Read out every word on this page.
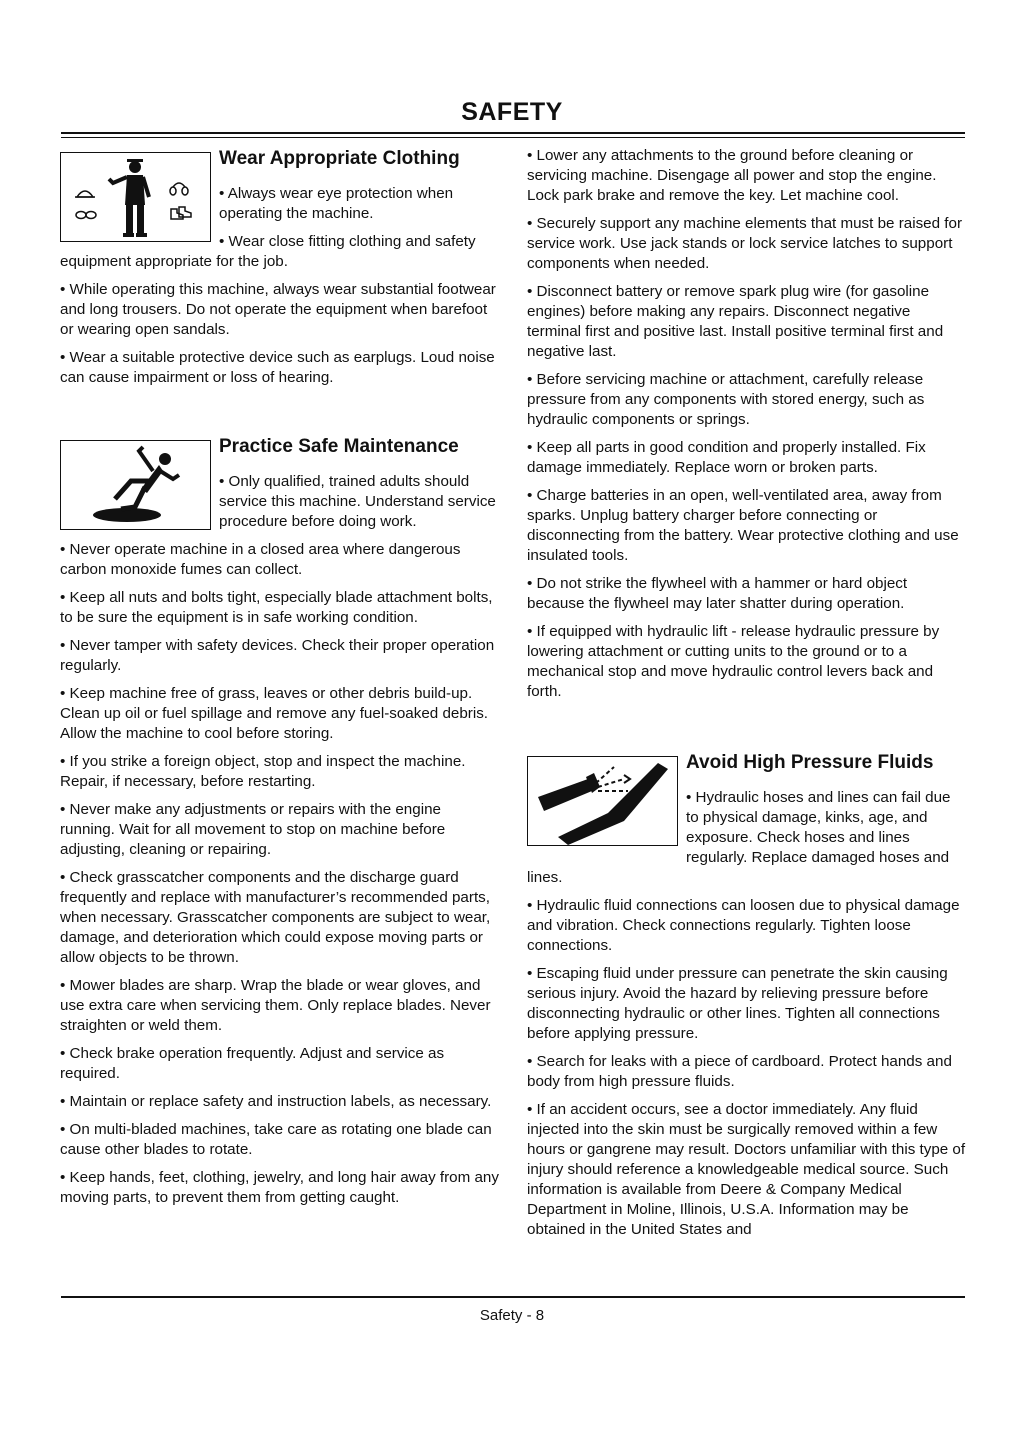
SAFETY
Wear Appropriate Clothing

• Always wear eye protection when operating the machine.

• Wear close fitting clothing and safety equipment appropriate for the job.

• While operating this machine, always wear substantial footwear and long trousers. Do not operate the equipment when barefoot or wearing open sandals.

• Wear a suitable protective device such as earplugs. Loud noise can cause impairment or loss of hearing.

Practice Safe Maintenance

• Only qualified, trained adults should service this machine. Understand service procedure before doing work.

• Never operate machine in a closed area where dangerous carbon monoxide fumes can collect.

• Keep all nuts and bolts tight, especially blade attachment bolts, to be sure the equipment is in safe working condition.

• Never tamper with safety devices. Check their proper operation regularly.

• Keep machine free of grass, leaves or other debris build-up. Clean up oil or fuel spillage and remove any fuel-soaked debris. Allow the machine to cool before storing.

• If you strike a foreign object, stop and inspect the machine. Repair, if necessary, before restarting.

• Never make any adjustments or repairs with the engine running. Wait for all movement to stop on machine before adjusting, cleaning or repairing.

• Check grasscatcher components and the discharge guard frequently and replace with manufacturer’s recommended parts, when necessary. Grasscatcher components are subject to wear, damage, and deterioration which could expose moving parts or allow objects to be thrown.

• Mower blades are sharp. Wrap the blade or wear gloves, and use extra care when servicing them. Only replace blades. Never straighten or weld them.

• Check brake operation frequently. Adjust and service as required.

• Maintain or replace safety and instruction labels, as necessary.

• On multi-bladed machines, take care as rotating one blade can cause other blades to rotate.

• Keep hands, feet, clothing, jewelry, and long hair away from any moving parts, to prevent them from getting caught.

• Lower any attachments to the ground before cleaning or servicing machine. Disengage all power and stop the engine. Lock park brake and remove the key. Let machine cool.

• Securely support any machine elements that must be raised for service work. Use jack stands or lock service latches to support components when needed.

• Disconnect battery or remove spark plug wire (for gasoline engines) before making any repairs. Disconnect negative terminal first and positive last. Install positive terminal first and negative last.

• Before servicing machine or attachment, carefully release pressure from any components with stored energy, such as hydraulic components or springs.

• Keep all parts in good condition and properly installed. Fix damage immediately. Replace worn or broken parts.

• Charge batteries in an open, well-ventilated area, away from sparks. Unplug battery charger before connecting or disconnecting from the battery. Wear protective clothing and use insulated tools.

• Do not strike the flywheel with a hammer or hard object because the flywheel may later shatter during operation.

• If equipped with hydraulic lift - release hydraulic pressure by lowering attachment or cutting units to the ground or to a mechanical stop and move hydraulic control levers back and forth.

Avoid High Pressure Fluids

• Hydraulic hoses and lines can fail due to physical damage, kinks, age, and exposure. Check hoses and lines regularly. Replace damaged hoses and lines.

• Hydraulic fluid connections can loosen due to physical damage and vibration. Check connections regularly. Tighten loose connections.

• Escaping fluid under pressure can penetrate the skin causing serious injury. Avoid the hazard by relieving pressure before disconnecting hydraulic or other lines. Tighten all connections before applying pressure.

• Search for leaks with a piece of cardboard. Protect hands and body from high pressure fluids.

• If an accident occurs, see a doctor immediately. Any fluid injected into the skin must be surgically removed within a few hours or gangrene may result. Doctors unfamiliar with this type of injury should reference a knowledgeable medical source. Such information is available from Deere & Company Medical Department in Moline, Illinois, U.S.A. Information may be obtained in the United States and

Safety - 8
